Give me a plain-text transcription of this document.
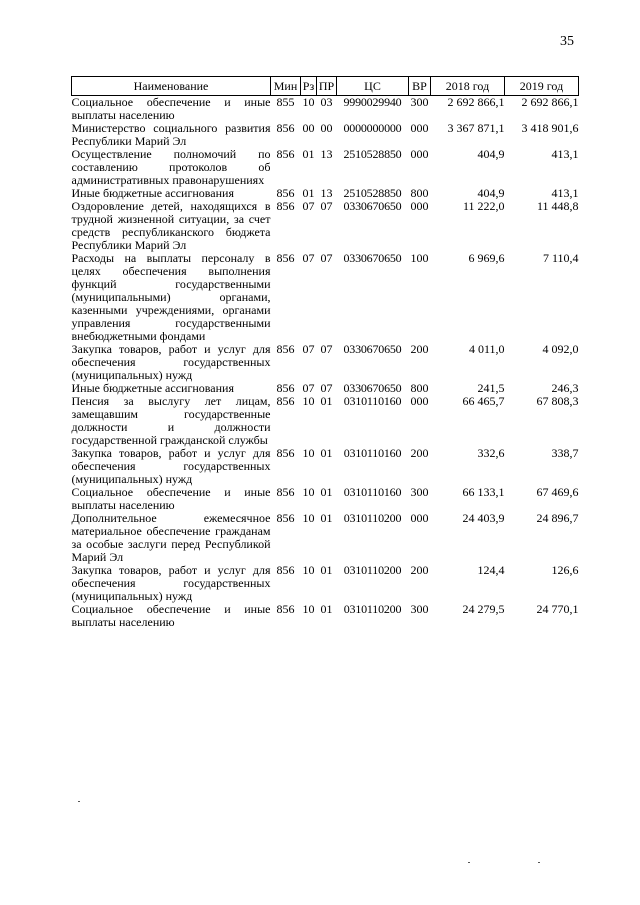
35
Наименование	Мин	Рз	ПР	ЦС	ВР	2018 год	2019 год
Социальное обеспечение и иные выплаты населению	855	10	03	9990029940	300	2 692 866,1	2 692 866,1
Министерство социального развития Республики Марий Эл	856	00	00	0000000000	000	3 367 871,1	3 418 901,6
Осуществление полномочий по составлению протоколов об административных правонарушениях	856	01	13	2510528850	000	404,9	413,1
Иные бюджетные ассигнования	856	01	13	2510528850	800	404,9	413,1
Оздоровление детей, находящихся в трудной жизненной ситуации, за счет средств республиканского бюджета Республики Марий Эл	856	07	07	0330670650	000	11 222,0	11 448,8
Расходы на выплаты персоналу в целях обеспечения выполнения функций государственными (муниципальными) органами, казенными учреждениями, органами управления государственными внебюджетными фондами	856	07	07	0330670650	100	6 969,6	7 110,4
Закупка товаров, работ и услуг для обеспечения государственных (муниципальных) нужд	856	07	07	0330670650	200	4 011,0	4 092,0
Иные бюджетные ассигнования	856	07	07	0330670650	800	241,5	246,3
Пенсия за выслугу лет лицам, замещавшим государственные должности и должности государственной гражданской службы	856	10	01	0310110160	000	66 465,7	67 808,3
Закупка товаров, работ и услуг для обеспечения государственных (муниципальных) нужд	856	10	01	0310110160	200	332,6	338,7
Социальное обеспечение и иные выплаты населению	856	10	01	0310110160	300	66 133,1	67 469,6
Дополнительное ежемесячное материальное обеспечение гражданам за особые заслуги перед Республикой Марий Эл	856	10	01	0310110200	000	24 403,9	24 896,7
Закупка товаров, работ и услуг для обеспечения государственных (муниципальных) нужд	856	10	01	0310110200	200	124,4	126,6
Социальное обеспечение и иные выплаты населению	856	10	01	0310110200	300	24 279,5	24 770,1
